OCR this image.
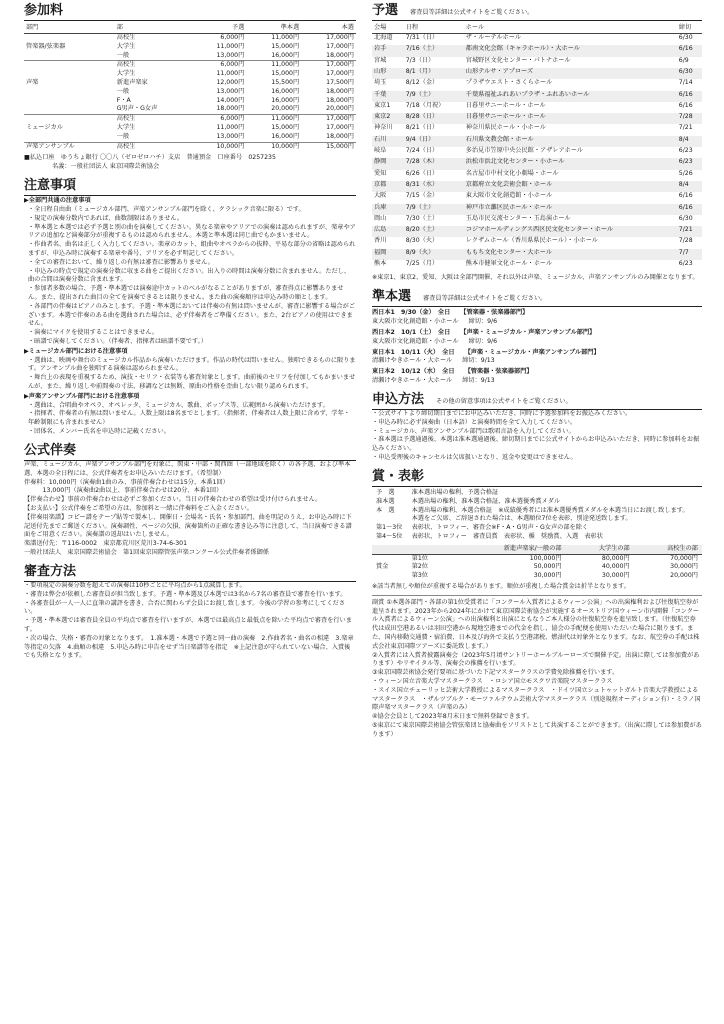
参加料
部門	部	予選	準本選	本選
	高校生	6,000円	11,000円	17,000円
管楽器/弦楽器	大学生	11,000円	15,000円	17,000円
	一般	13,000円	16,000円	18,000円
	高校生	6,000円	11,000円	17,000円
	大学生	11,000円	15,000円	17,000円
声楽	新進声楽家	12,000円	15,500円	17,500円
	一般	13,000円	16,000円	18,000円
	F・A	14,000円	16,000円	18,000円
	G男声・G女声	18,000円	20,000円	20,000円
	高校生	6,000円	11,000円	17,000円
ミュージカル	大学生	11,000円	15,000円	17,000円
	一般	13,000円	16,000円	18,000円
声楽アンサンブル	高校生	10,000円	10,000円	15,000円

■払込口座　ゆうちょ銀行 〇〇八（ゼロゼロハチ）支店　普通預金　口座番号　0257235

名義：一般社団法人 東京国際芸術協会

注意事項

▶全部門共通の注意事項

・全日程自由曲（ミュージカル部門、声楽アンサンブル部門を除く、クラシック音楽に限る）です。

・規定の演奏分数内であれば、曲数制限はありません。

・準本選と本選では必ず予選と別の曲を演奏してください。異なる楽章やアリアでの演奏は認められますが、楽章やアリアの追加など演奏部分が重複するものは認められません。本選と準本選は同じ曲でもかまいません。

・作曲者名、曲名は正しく入力してください。楽章のカット、組曲やオペラからの抜粋、平易な部分の省略は認められますが、申込み時に演奏する楽章や番号、アリアを必ず明記してください。

・全ての審査において、繰り返しの有無は審査に影響ありません。

・申込みの時点で規定の演奏分数に収まる曲をご提出ください。出入りの時間は演奏分数に含まれません。ただし、曲の合間は演奏分数に含まれます。

・参加者多数の場合、予選・準本選では演奏途中カットのベルがなることがありますが、審査得点に影響ありません。また、提出された曲目の全てを演奏できるとは限りません。また曲の演奏順序は申込み時の順とします。

・各部門の伴奏はピアノのみとします。予選・準本選においては伴奏の有無は問いませんが、審査に影響する場合がございます。本選で伴奏のある曲を選曲された場合は、必ず伴奏者をご準備ください。また、2台ピアノの使用はできません。

・演奏にマイクを使用することはできません。

・暗譜で演奏してください。（伴奏者、指揮者は暗譜不要です。）

▶ミュージカル部門における注意事項

・選曲は、映画や舞台のミュージカル作品から演奏いただけます。作品の時代は問いません。独唱できるものに限ります。アンサンブル曲を独唱する演奏は認められません。

・舞台上の表現を重視するため、演技・セリフ・衣装等も審査対象とします。曲前後のセリフを付加してもかまいませんが、また、繰り返しや前間奏の寸法、移調などは無断、原曲の性格を歪曲しない限り認められます。

▶声楽アンサンブル部門における注意事項

・選曲は、合唱曲やオペラ、オペレッタ、ミュージカル、歌曲、ポップス等、広範囲から演奏いただけます。

・指揮者、伴奏者の有無は問いません。人数上限は8名までとします。（指揮者、伴奏者は人数上限に含めず、学年・年齢制限にも含まれません）

・団体名、メンバー氏名を申込時に記載ください。

公式伴奏

声楽、ミュージカル、声楽アンサンブル部門を対象に、関東・中部・関西圏（一部地域を除く）の各予選、および準本選、本選の全日程には、公式伴奏者をお申込みいただけます。（希望制）

伴奏料：10,000円（演奏曲1曲のみ、事前伴奏合わせは15分、本番1回）

　　　13,000円（演奏曲2曲以上、事前伴奏合わせは20分、本番1回）

【伴奏合わせ】事前の伴奏合わせは必ずご参加ください。当日の伴奏合わせの希望は受け付けられません。

【お支払い】公式伴奏をご希望の方は、参加料と一緒に伴奏料をご入金ください。

【伴奏用楽譜】コピー譜をテープ貼等で製本し、開催日・会場名・氏名・参加部門、曲を明記のうえ、お申込み時に下記送付先までご郵送ください。演奏調性、ページの欠損、演奏箇所の正確な書き込み等に注意して、当日演奏できる譜面をご用意ください。演奏譜の返却はいたしません。

楽譜送付先：〒116-0002　東京都荒川区荒川3-74-6-301

一般社団法人　東京国際芸術協会　第1回東京国際管弦声楽コンクール公式伴奏者係御係

審査方法

・要項規定の演奏分数を超えての演奏は10秒ごとに平均点から1点減算します。

・審査は弊会が依頼した審査員が担当致します。予選・準本選及び本選では3名から7名の審査員で審査を行います。

・各審査員が一人一人に直筆の講評を書き、合否に関わらず会員にお渡し致します。今後の学習の参考にしてください。

・予選・準本選では審査員全員の平均点で審査を行いますが、本選では最高点と最低点を除いた平均点で審査を行います。

・次の場合、失格・審査の対象となります。　1.准本選・本選で予選と同一曲の演奏　2.作曲者名・曲名の相違　3.楽章等指定の欠落　4.曲順の相違　5.申込み時に申告をせず当日楽譜等を指定　※上記注意が守られていない場合、入賞後でも失格となります。

予選 審査員等詳細は公式サイトをご覧ください。
会場	日程	ホール	締切
北海道	7/31（日）	ザ・ルーテルホール	6/30
岩手	7/16（土）	都南文化会館（キャラホール）・大ホール	6/16
宮城	7/3（日）	宮城野区文化センター・パトナホール	6/9
山形	8/1（月）	山形テルサ・アプローズ	6/30
埼玉	8/12（金）	プラザウエスト・さくらホール	7/14
千葉	7/9（土）	千葉県福祉ふれあいプラザ・ふれあいホール	6/16
東京1	7/18（月祝）	日暮里サニーホール・ホール	6/16
東京2	8/28（日）	日暮里サニーホール・ホール	7/28
神奈川	8/21（日）	神奈川県民ホール・小ホール	7/21
石川	9/4（日）	石川県文教会館・ホール	8/4
岐阜	7/24（日）	多治見市笠原中央公民館・アザレアホール	6/23
静岡	7/28（木）	浜松市浜北文化センター・小ホール	6/23
愛知	6/26（日）	名古屋市中村文化小劇場・ホール	5/26
京都	8/31（水）	京都府立文化芸術会館・ホール	8/4
大阪	7/15（金）	東大阪市文化創造館・小ホール	6/16
兵庫	7/9（土）	神戸市立灘区民ホール・ホール	6/16
岡山	7/30（土）	玉島市民交流センター・玉島演ホール	6/30
広島	8/20（土）	コジマホールディングス西区民文化センター・ホール	7/21
香川	8/30（火）	レクザムホール（香川県県民ホール）・小ホール	7/28
福岡	8/9（火）	ももち文化センター・大ホール	7/7
熊本	7/25（月）	熊本市健軍文化ホール・ホール	6/23

※東京1、東京2、愛知、大阪は全部門開催、それ以外は声楽、ミュージカル、声楽アンサンブルのみ開催となります。

準本選 審査員等詳細は公式サイトをご覧ください。
西日本1　9/30（金）　全日 【管楽器・弦楽器部門】
東大阪市文化創造館・小ホール 締切：9/6
西日本2　10/1（土）　全日 【声楽・ミュージカル・声楽アンサンブル部門】
東大阪市文化創造館・小ホール 締切：9/6
東日本1　10/11（火）　全日 【声楽・ミュージカル・声楽アンサンブル部門】
清瀬けやきホール・大ホール 締切：9/13
東日本2　10/12（水）　全日 【管楽器・弦楽器部門】
清瀬けやきホール・大ホール 締切：9/13
申込方法 その他の留意事項は公式サイトをご覧ください。

・公式サイトより締切期日までにお申込みいただき、同時に予選参加料をお振込みください。

・申込み時に必ず演奏曲（日本語）と演奏時間を全て入力してください。

・ミュージカル、声楽アンサンブル部門は歌唱言語を入力してください。

・准本選は予選通過後、本選は准本選通過後、締切期日までに公式サイトからお申込みいただき、同時に参加料をお振込みください。

・申込受理後のキャンセルは欠席扱いとなり、返金や変更はできません。

賞・表彰
予　選	准本選出場の権利、予選合格証
准本選	本選出場の権利、准本選合格証、准本選優秀賞メダル
本　選	本選出場の権利、本選合格証　※成績優秀者には准本選優秀賞メダルを本選当日にお渡し致します。
	本選をご欠席、ご辞退された場合は、本選順位7位を表彰、別途発送致します。
第1〜3位	表彰状、トロフィー、審査会※F・A・G男声・G女声の部を除く
第4〜5位	表彰状、トロフィー　審査員賞　表彰状、楯　奨励賞、入選　表彰状
		新進声楽家/一般の部	大学生の部	高校生の部
	第1位	100,000円	80,000円	70,000円
賞金	第2位	50,000円	40,000円	30,000円
	第3位	30,000円	30,000円	20,000円

※該当者無しや順位が重複する場合があります。順位が重複した場合賞金は折半となります。

副賞 ①本選各部門・各部の第1位受賞者に「コンクール入賞者によるウィーン公演」への出演権利および往復航空券が進呈されます。2023年から2024年にかけて東京国際芸術協会が実施するオーストリア国ウィーン市内開催「コンクール入賞者によるウィーン公演」への出演権利と出演にともなうご本人様分の往復航空券を進呈致します。（往復航空券代は成田空港あるいは羽田空港から現地空港までの代金を指し、協会の手配便を使用いただいた場合に限ります。また、国内移動交通費・宿泊費、日本及び海外で支払う空港諸税、燃油代は対象外となります。なお、航空券の手配は株式会社東京国際ツアーズに委託致します。）

②入賞者には入賞者披露演奏会（2023年5月頃サントリーホールブルーローズで開催予定。出演に際しては参加費があります）やリサイタル等、演奏会の推薦を行います。

③東京国際芸術協会発行要項に基づいた下記マスタークラスの学費免除推薦を行います。

・ウィーン国立音楽大学マスタークラス　・ロシア国立モスクワ音楽院マスタークラス

・スイス国立チューリッヒ芸術大学教授によるマスタークラス　・ドイツ国立シュトゥットガルト音楽大学教授によるマスタークラス　・ザルツブルク・モーツァルテウム芸術大学マスタークラス（別途規程オーディション有）・ミラノ国際声楽マスタークラス（声楽のみ）

④協会会員として2023年8月末日まで無料登録できます。

⑤東京にて東京国際芸術協会管弦楽団と協奏曲をソリストとして共演することができます。（出演に際しては参加費があります）
